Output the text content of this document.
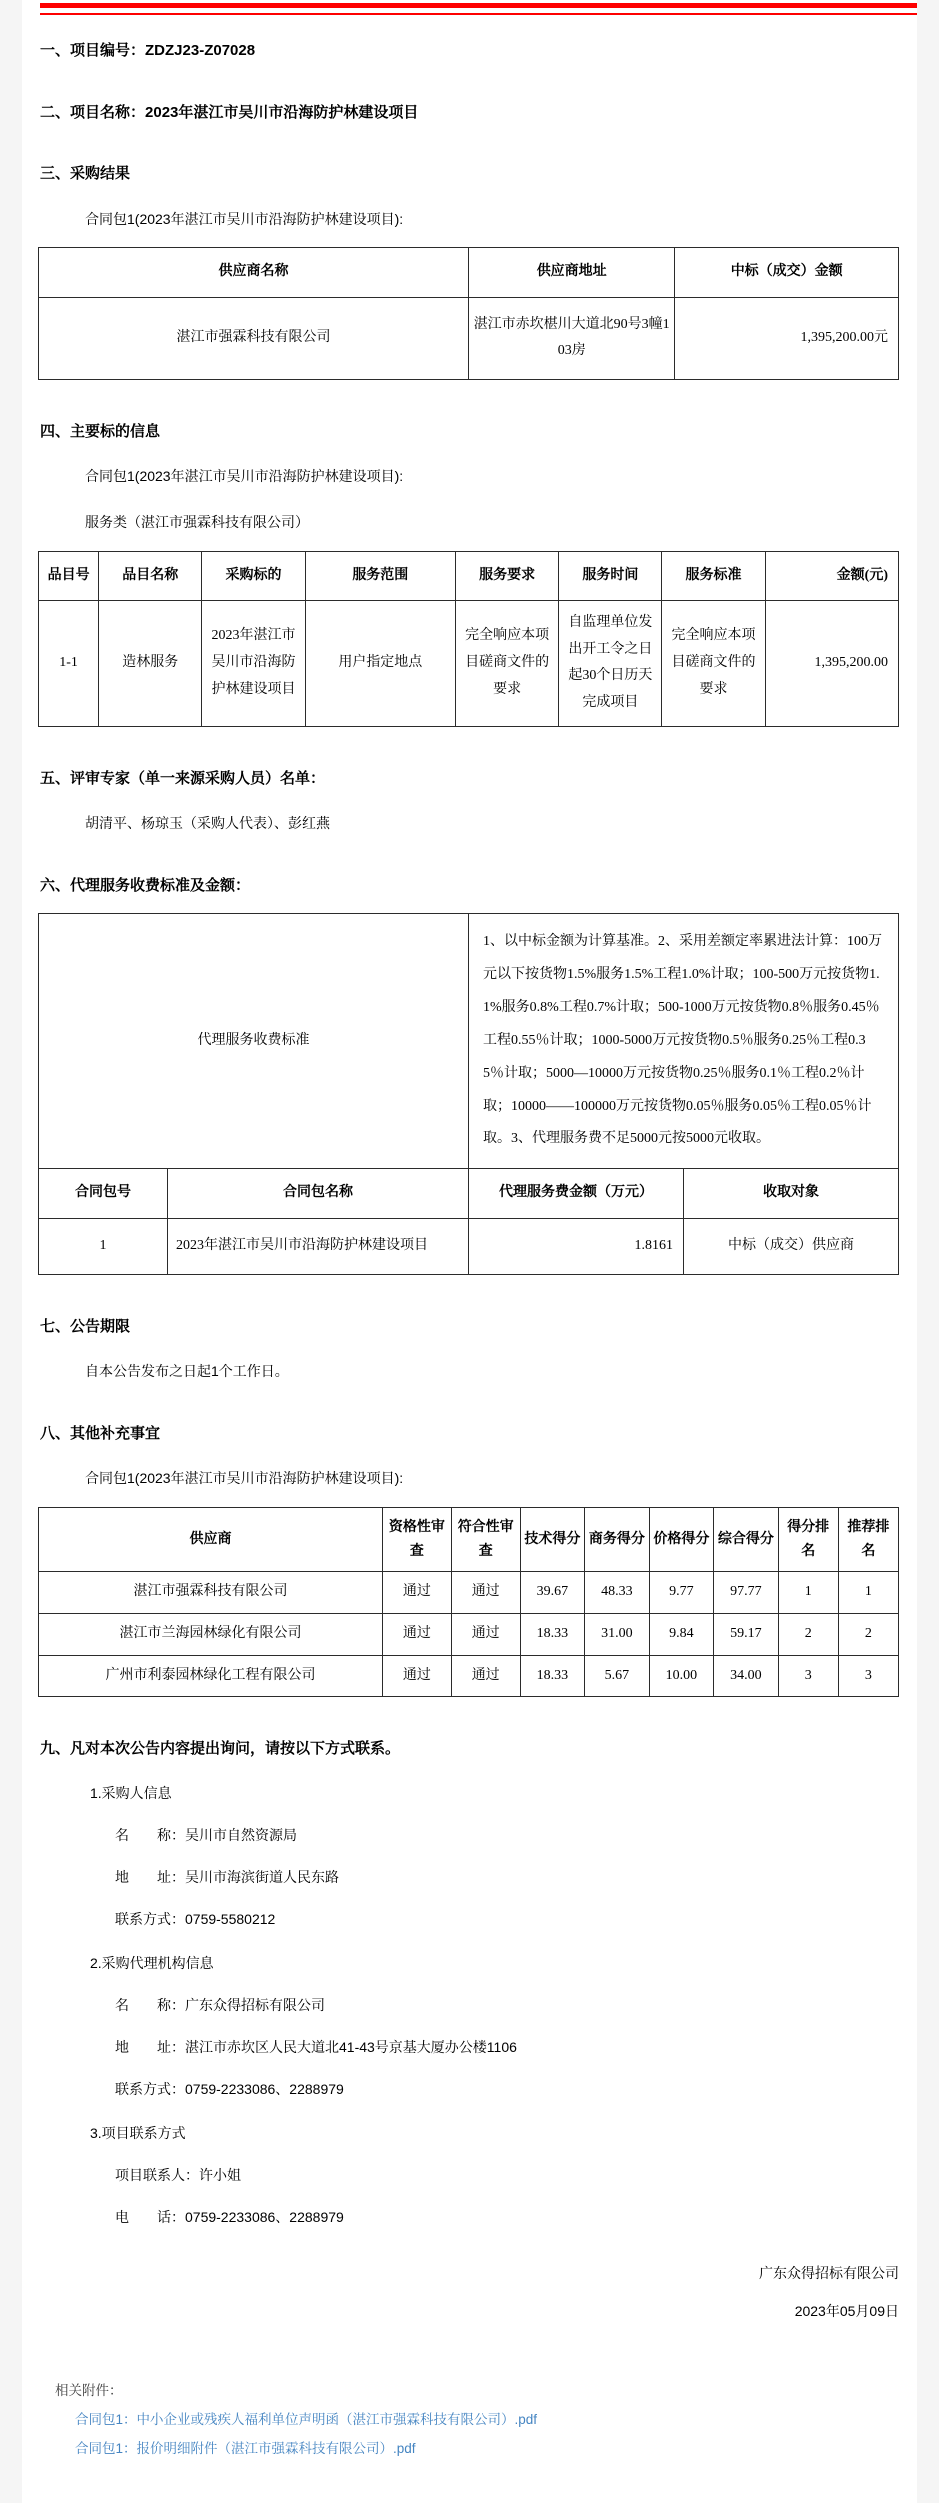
一、项目编号：ZDZJ23-Z07028
二、项目名称：2023年湛江市吴川市沿海防护林建设项目
三、采购结果
合同包1(2023年湛江市吴川市沿海防护林建设项目):
供应商名称	供应商地址	中标（成交）金额
湛江市强霖科技有限公司	湛江市赤坎椹川大道北90号3幢103房	1,395,200.00元
四、主要标的信息
合同包1(2023年湛江市吴川市沿海防护林建设项目):
服务类（湛江市强霖科技有限公司）
品目号	品目名称	采购标的	服务范围	服务要求	服务时间	服务标准	金额(元)
1-1	造林服务	2023年湛江市吴川市沿海防护林建设项目	用户指定地点	完全响应本项目磋商文件的要求	自监理单位发出开工令之日起30个日历天完成项目	完全响应本项目磋商文件的要求	1,395,200.00
五、评审专家（单一来源采购人员）名单：
胡清平、杨琼玉（采购人代表）、彭红燕
六、代理服务收费标准及金额：
代理服务收费标准		1、以中标金额为计算基准。2、采用差额定率累进法计算：100万元以下按货物1.5%服务1.5%工程1.0%计取；100-500万元按货物1.1%服务0.8%工程0.7%计取；500-1000万元按货物0.8％服务0.45％工程0.55％计取；1000-5000万元按货物0.5％服务0.25％工程0.35％计取；5000—10000万元按货物0.25％服务0.1％工程0.2％计取；10000——100000万元按货物0.05％服务0.05％工程0.05％计取。3、代理服务费不足5000元按5000元收取。	
合同包号	合同包名称	代理服务费金额（万元）	收取对象
1	2023年湛江市吴川市沿海防护林建设项目	1.8161	中标（成交）供应商
七、公告期限
自本公告发布之日起1个工作日。
八、其他补充事宜
合同包1(2023年湛江市吴川市沿海防护林建设项目):
供应商	资格性审查	符合性审查	技术得分	商务得分	价格得分	综合得分	得分排名	推荐排名
湛江市强霖科技有限公司	通过	通过	39.67	48.33	9.77	97.77	1	1
湛江市兰海园林绿化有限公司	通过	通过	18.33	31.00	9.84	59.17	2	2
广州市利泰园林绿化工程有限公司	通过	通过	18.33	5.67	10.00	34.00	3	3
九、凡对本次公告内容提出询问，请按以下方式联系。
1.采购人信息
名　　称：吴川市自然资源局
地　　址：吴川市海滨街道人民东路
联系方式：0759-5580212
2.采购代理机构信息
名　　称：广东众得招标有限公司
地　　址：湛江市赤坎区人民大道北41-43号京基大厦办公楼1106
联系方式：0759-2233086、2288979
3.项目联系方式
项目联系人：许小姐
电　　话：0759-2233086、2288979
广东众得招标有限公司
2023年05月09日
相关附件：
合同包1：中小企业或残疾人福利单位声明函（湛江市强霖科技有限公司）.pdf
合同包1：报价明细附件（湛江市强霖科技有限公司）.pdf
